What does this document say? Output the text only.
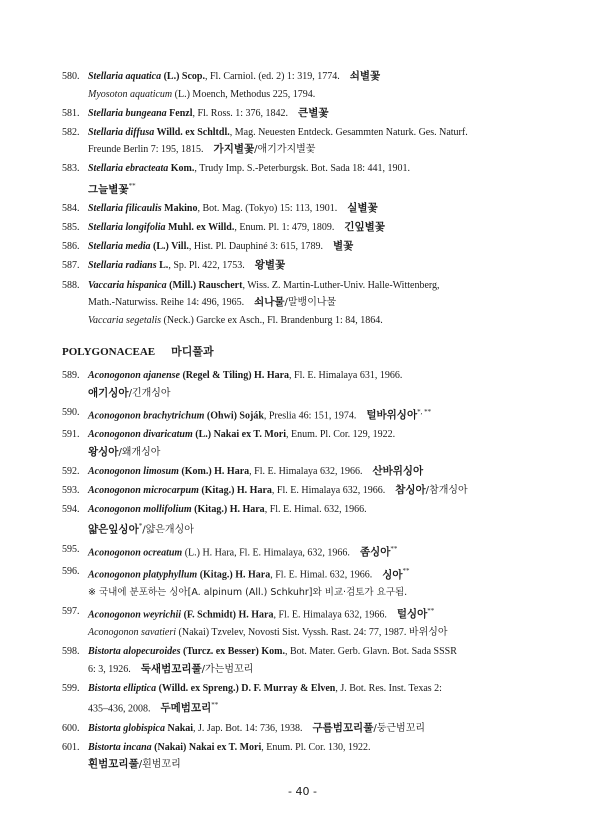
580. Stellaria aquatica (L.) Scop., Fl. Carniol. (ed. 2) 1: 319, 1774. 쇠별꽃
Myosoton aquaticum (L.) Moench, Methodus 225, 1794.
581. Stellaria bungeana Fenzl, Fl. Ross. 1: 376, 1842. 큰별꽃
582. Stellaria diffusa Willd. ex Schltdl., Mag. Neuesten Entdeck. Gesammten Naturk. Ges. Naturf.
Freunde Berlin 7: 195, 1815. 가지별꽃/애기가지별꽃
583. Stellaria ebracteata Kom., Trudy Imp. S.-Peterburgsk. Bot. Sada 18: 441, 1901.
그늘별꽃**
584. Stellaria filicaulis Makino, Bot. Mag. (Tokyo) 15: 113, 1901. 실별꽃
585. Stellaria longifolia Muhl. ex Willd., Enum. Pl. 1: 479, 1809. 긴잎별꽃
586. Stellaria media (L.) Vill., Hist. Pl. Dauphiné 3: 615, 1789. 별꽃
587. Stellaria radians L., Sp. Pl. 422, 1753. 왕별꽃
588. Vaccaria hispanica (Mill.) Rauschert, Wiss. Z. Martin-Luther-Univ. Halle-Wittenberg,
Math.-Naturwiss. Reihe 14: 496, 1965. 쇠나물/말뱅이나물
Vaccaria segetalis (Neck.) Garcke ex Asch., Fl. Brandenburg 1: 84, 1864.
POLYGONACEAE 마디풀과
589. Aconogonon ajanense (Regel & Tiling) H. Hara, Fl. E. Himalaya 631, 1966.
애기싱아/긴개싱아
590. Aconogonon brachytrichum (Ohwi) Soják, Preslia 46: 151, 1974. 털바위싱아*, **
591. Aconogonon divaricatum (L.) Nakai ex T. Mori, Enum. Pl. Cor. 129, 1922.
왕싱아/왜개싱아
592. Aconogonon limosum (Kom.) H. Hara, Fl. E. Himalaya 632, 1966. 산바위싱아
593. Aconogonon microcarpum (Kitag.) H. Hara, Fl. E. Himalaya 632, 1966. 참싱아/참개싱아
594. Aconogonon mollifolium (Kitag.) H. Hara, Fl. E. Himal. 632, 1966.
얇은잎싱아*/얇은개싱아
595. Aconogonon ocreatum (L.) H. Hara, Fl. E. Himalaya, 632, 1966. 좀싱아**
596. Aconogonon platyphyllum (Kitag.) H. Hara, Fl. E. Himal. 632, 1966. 싱아**
※ 국내에 분포하는 싱아[A. alpinum (All.) Schkuhr]와 비교·검토가 요구됨.
597. Aconogonon weyrichii (F. Schmidt) H. Hara, Fl. E. Himalaya 632, 1966. 털싱아**
Aconogonon savatieri (Nakai) Tzvelev, Novosti Sist. Vyssh. Rast. 24: 77, 1987. 바위싱아
598. Bistorta alopecuroides (Turcz. ex Besser) Kom., Bot. Mater. Gerb. Glavn. Bot. Sada SSSR
6: 3, 1926. 둑새범꼬리풀/가는범꼬리
599. Bistorta elliptica (Willd. ex Spreng.) D. F. Murray & Elven, J. Bot. Res. Inst. Texas 2:
435–436, 2008. 두메범꼬리**
600. Bistorta globispica Nakai, J. Jap. Bot. 14: 736, 1938. 구름범꼬리풀/둥근범꼬리
601. Bistorta incana (Nakai) Nakai ex T. Mori, Enum. Pl. Cor. 130, 1922.
흰범꼬리풀/흰범꼬리
- 40 -
